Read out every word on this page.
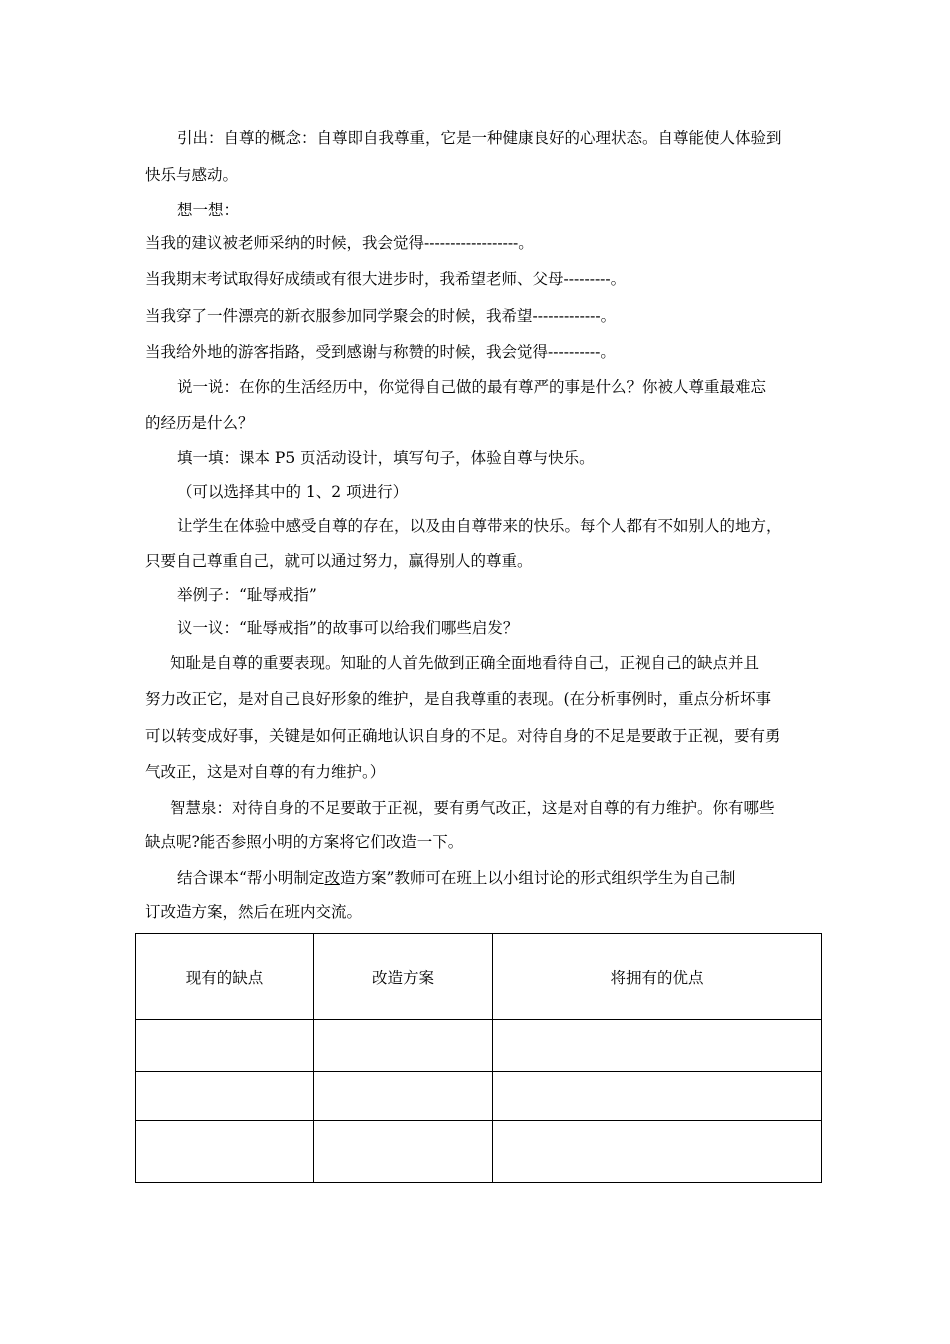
引出：自尊的概念：自尊即自我尊重，它是一种健康良好的心理状态。自尊能使人体验到
快乐与感动。
想一想：
当我的建议被老师采纳的时候，我会觉得------------------。
当我期末考试取得好成绩或有很大进步时，我希望老师、父母---------。
当我穿了一件漂亮的新衣服参加同学聚会的时候，我希望-------------。
当我给外地的游客指路，受到感谢与称赞的时候，我会觉得----------。
说一说：在你的生活经历中，你觉得自己做的最有尊严的事是什么？你被人尊重最难忘
的经历是什么？
填一填：课本 P5 页活动设计，填写句子，体验自尊与快乐。
（可以选择其中的 1、2 项进行）
让学生在体验中感受自尊的存在，以及由自尊带来的快乐。每个人都有不如别人的地方，
只要自己尊重自己，就可以通过努力，赢得别人的尊重。
举例子：“耻辱戒指”
议一议：“耻辱戒指”的故事可以给我们哪些启发？
知耻是自尊的重要表现。知耻的人首先做到正确全面地看待自己，正视自己的缺点并且
努力改正它，是对自己良好形象的维护，是自我尊重的表现。(在分析事例时，重点分析坏事
可以转变成好事，关键是如何正确地认识自身的不足。对待自身的不足是要敢于正视，要有勇
气改正，这是对自尊的有力维护。）
智慧泉：对待自身的不足要敢于正视，要有勇气改正，这是对自尊的有力维护。你有哪些
缺点呢?能否参照小明的方案将它们改造一下。
结合课本“帮小明制定改造方案”教师可在班上以小组讨论的形式组织学生为自己制
订改造方案，然后在班内交流。
现有的缺点	改造方案	将拥有的优点
